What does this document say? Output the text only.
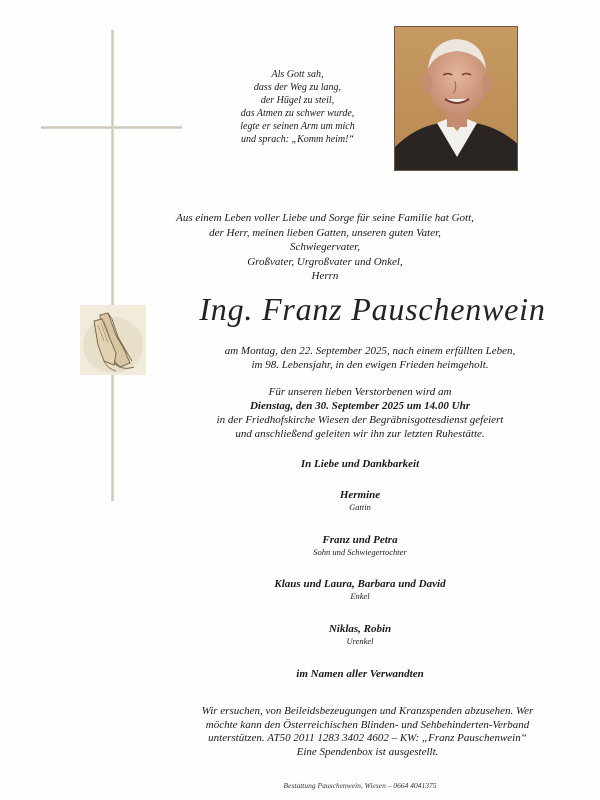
Als Gott sah,
dass der Weg zu lang,
der Hügel zu steil,
das Atmen zu schwer wurde,
legte er seinen Arm um mich
und sprach: „Komm heim!“
Aus einem Leben voller Liebe und Sorge für seine Familie hat Gott,
der Herr, meinen lieben Gatten, unseren guten Vater, Schwiegervater,
Großvater, Urgroßvater und Onkel,
Herrn
Ing. Franz Pauschenwein
am Montag, den 22. September 2025, nach einem erfüllten Leben,
im 98. Lebensjahr, in den ewigen Frieden heimgeholt.
Für unseren lieben Verstorbenen wird am
Dienstag, den 30. September 2025 um 14.00 Uhr
in der Friedhofskirche Wiesen der Begräbnisgottesdienst gefeiert
und anschließend geleiten wir ihn zur letzten Ruhestätte.
In Liebe und Dankbarkeit
Hermine
Gattin
Franz und Petra
Sohn und Schwiegertochter
Klaus und Laura, Barbara und David
Enkel
Niklas, Robin
Urenkel
im Namen aller Verwandten
Wir ersuchen, von Beileidsbezeugungen und Kranzspenden abzusehen. Wer
möchte kann den Österreichischen Blinden- und Sehbehinderten-Verband
unterstützen. AT50 2011 1283 3402 4602 – KW: „Franz Pauschenwein“
Eine Spendenbox ist ausgestellt.
Bestattung Pauschenwein, Wiesen – 0664 4041375
